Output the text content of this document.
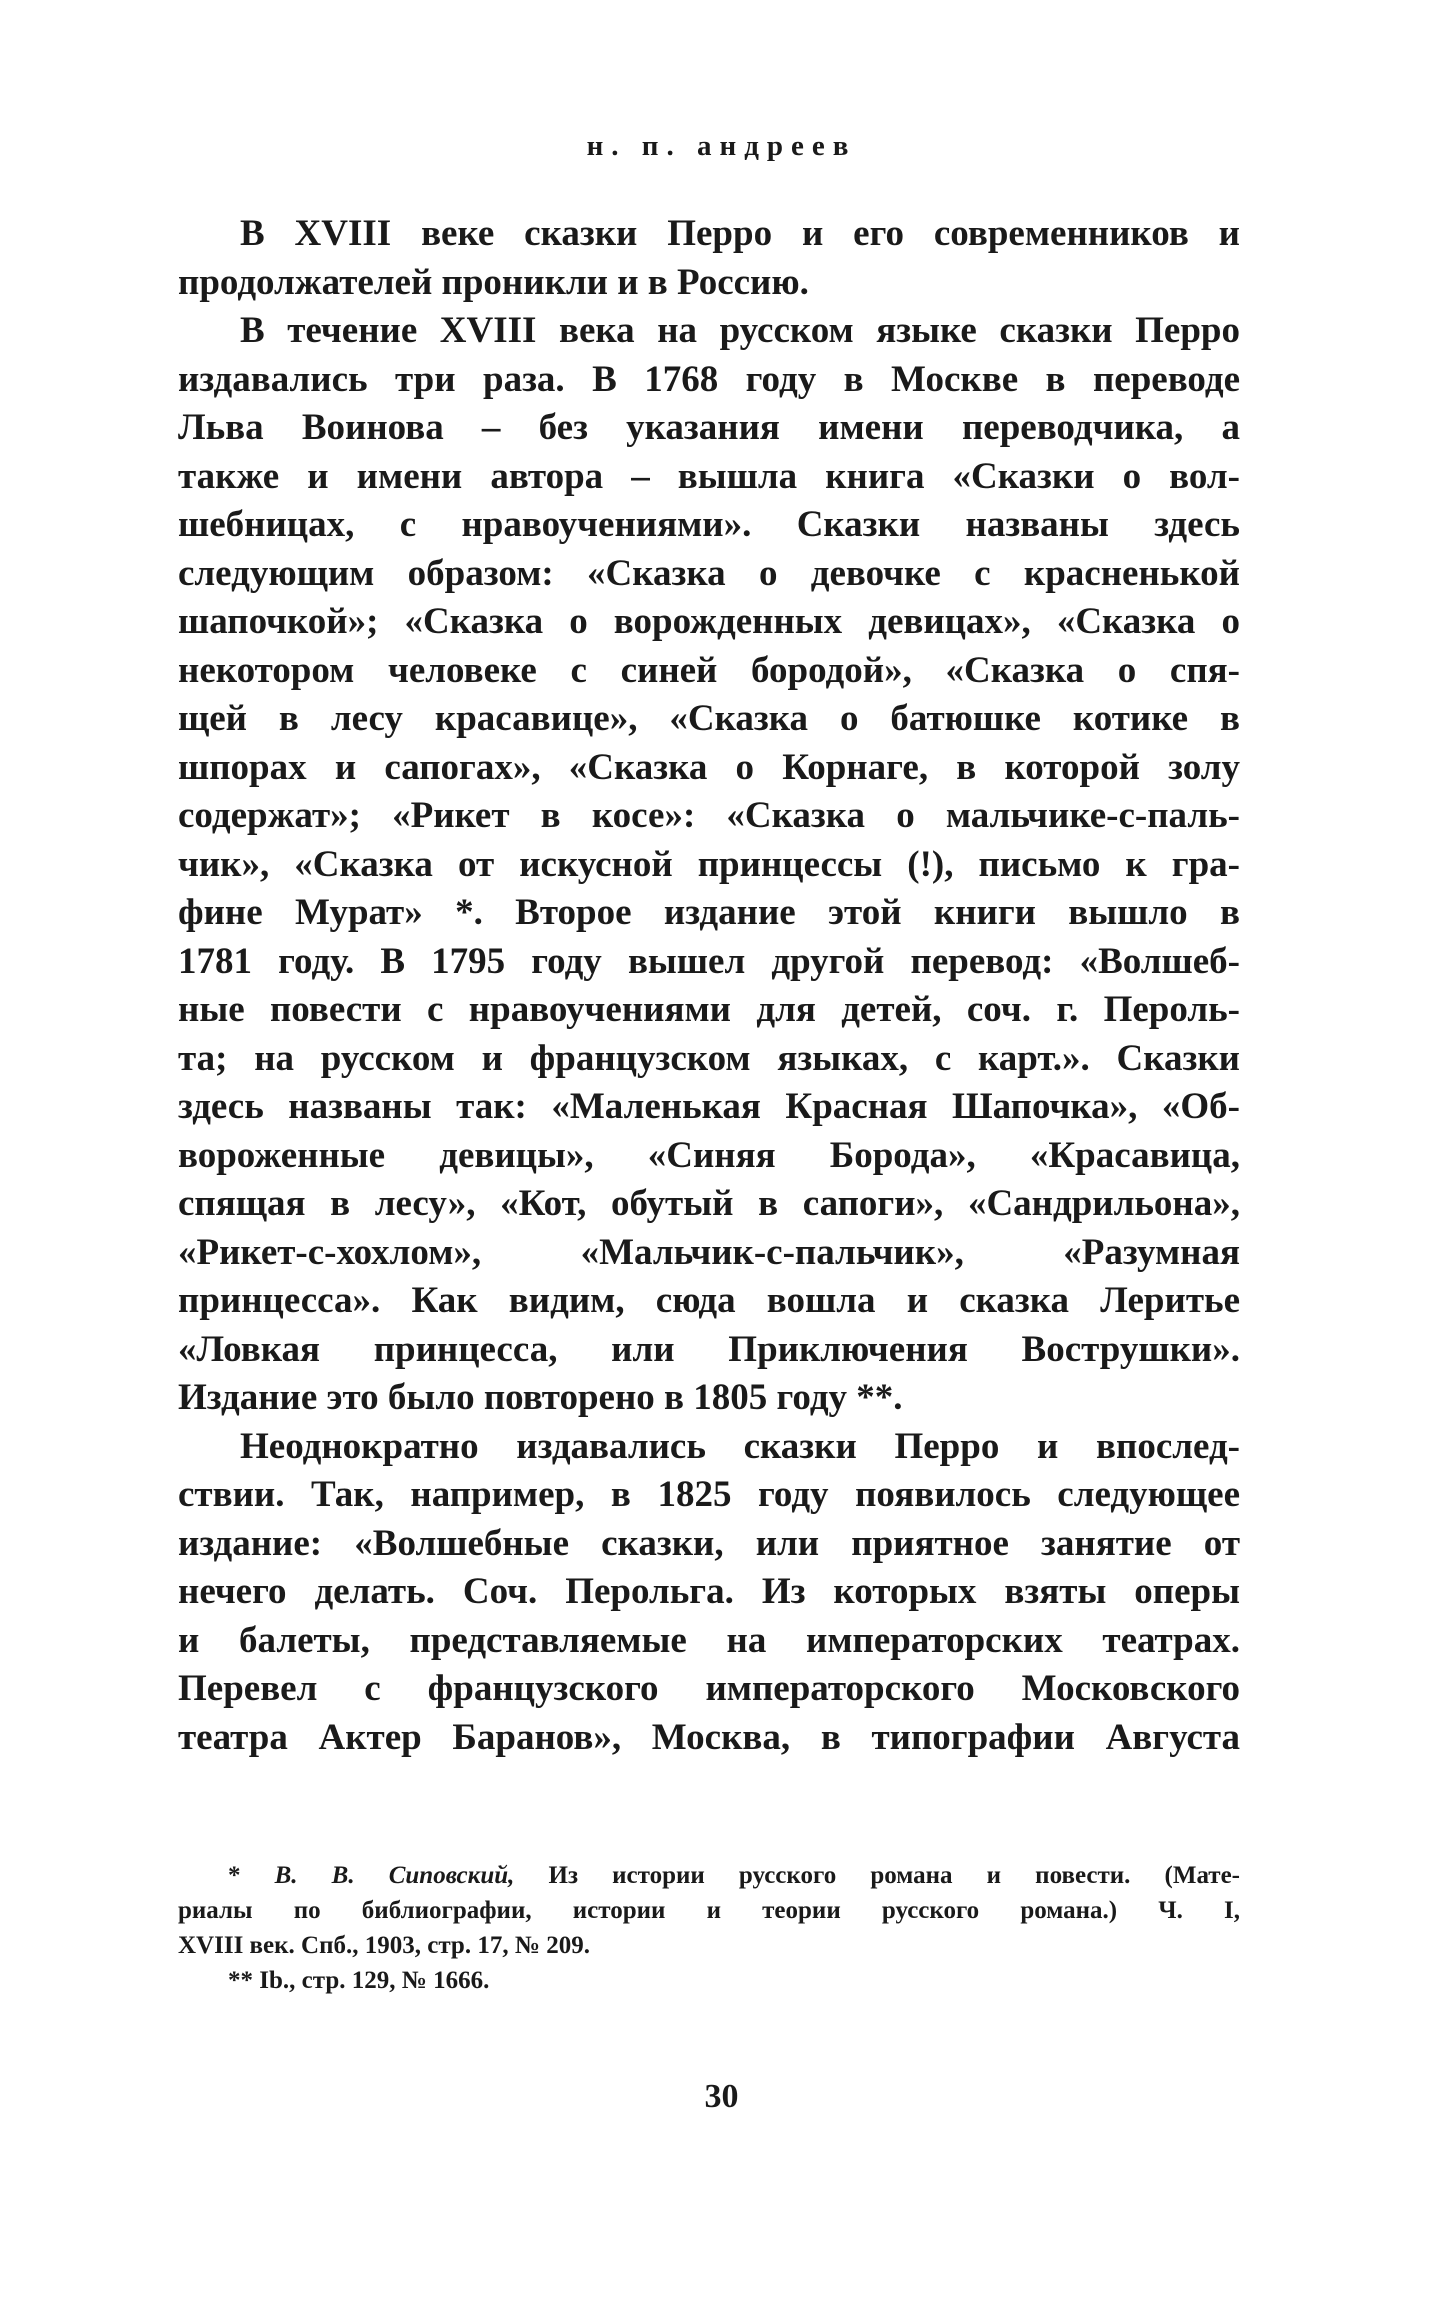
н. п. андреев
В XVIII веке сказки Перро и его современников и
продолжателей проникли и в Россию.
В течение XVIII века на русском языке сказки Перро
издавались три раза. В 1768 году в Москве в переводе
Льва Воинова – без указания имени переводчика, а
также и имени автора – вышла книга «Сказки о вол-
шебницах, с нравоучениями». Сказки названы здесь
следующим образом: «Сказка о девочке с красненькой
шапочкой»; «Сказка о ворожденных девицах», «Сказка о
некотором человеке с синей бородой», «Сказка о спя-
щей в лесу красавице», «Сказка о батюшке котике в
шпорах и сапогах», «Сказка о Корнаге, в которой золу
содержат»; «Рикет в косе»: «Сказка о мальчике-с-паль-
чик», «Сказка от искусной принцессы (!), письмо к гра-
фине Мурат» *. Второе издание этой книги вышло в
1781 году. В 1795 году вышел другой перевод: «Волшеб-
ные повести с нравоучениями для детей, соч. г. Пероль-
та; на русском и французском языках, с карт.». Сказки
здесь названы так: «Маленькая Красная Шапочка», «Об-
вороженные девицы», «Синяя Борода», «Красавица,
спящая в лесу», «Кот, обутый в сапоги», «Сандрильона»,
«Рикет-с-хохлом», «Мальчик-с-пальчик», «Разумная
принцесса». Как видим, сюда вошла и сказка Леритье
«Ловкая принцесса, или Приключения Вострушки».
Издание это было повторено в 1805 году **.
Неоднократно издавались сказки Перро и впослед-
ствии. Так, например, в 1825 году появилось следующее
издание: «Волшебные сказки, или приятное занятие от
нечего делать. Соч. Перольга. Из которых взяты оперы
и балеты, представляемые на императорских театрах.
Перевел с французского императорского Московского
театра Актер Баранов», Москва, в типографии Августа
* В. В. Сиповский, Из истории русского романа и повести. (Мате-
риалы по библиографии, истории и теории русского романа.) Ч. I,
XVIII век. Спб., 1903, стр. 17, № 209.
** Ib., стр. 129, № 1666.
30
